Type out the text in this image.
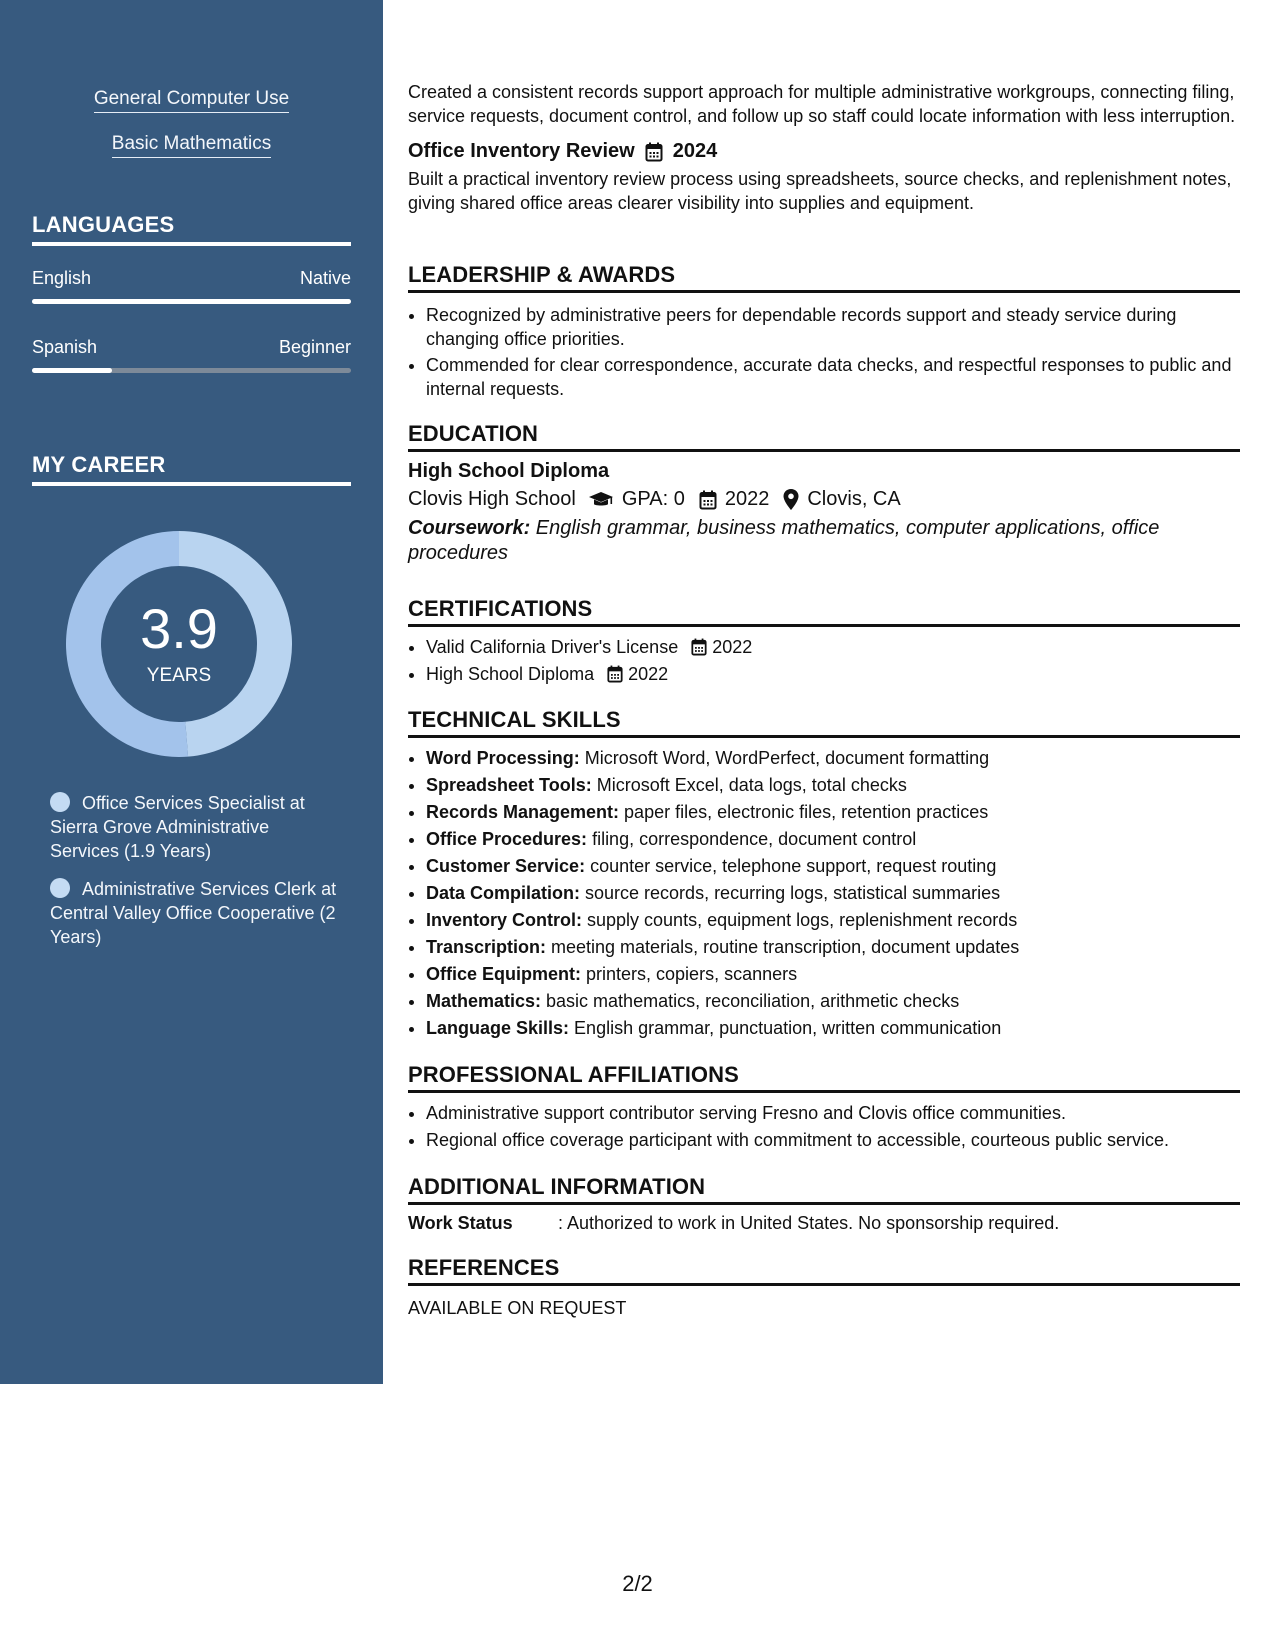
General Computer Use
Basic Mathematics
LANGUAGES
English	Native
Spanish	Beginner
MY CAREER
3.9
YEARS
Office Services Specialist at Sierra Grove Administrative Services (1.9 Years)
Administrative Services Clerk at Central Valley Office Cooperative (2 Years)

Created a consistent records support approach for multiple administrative workgroups, connecting filing, service requests, document control, and follow up so staff could locate information with less interruption.

Office Inventory Review 2024

Built a practical inventory review process using spreadsheets, source checks, and replenishment notes, giving shared office areas clearer visibility into supplies and equipment.

LEADERSHIP & AWARDS
• Recognized by administrative peers for dependable records support and steady service during changing office priorities.
• Commended for clear correspondence, accurate data checks, and respectful responses to public and internal requests.
EDUCATION
High School Diploma
Clovis High School GPA: 0 2022 Clovis, CA
Coursework: English grammar, business mathematics, computer applications, office procedures
CERTIFICATIONS
• Valid California Driver's License 2022
• High School Diploma 2022
TECHNICAL SKILLS
• Word Processing: Microsoft Word, WordPerfect, document formatting
• Spreadsheet Tools: Microsoft Excel, data logs, total checks
• Records Management: paper files, electronic files, retention practices
• Office Procedures: filing, correspondence, document control
• Customer Service: counter service, telephone support, request routing
• Data Compilation: source records, recurring logs, statistical summaries
• Inventory Control: supply counts, equipment logs, replenishment records
• Transcription: meeting materials, routine transcription, document updates
• Office Equipment: printers, copiers, scanners
• Mathematics: basic mathematics, reconciliation, arithmetic checks
• Language Skills: English grammar, punctuation, written communication
PROFESSIONAL AFFILIATIONS
• Administrative support contributor serving Fresno and Clovis office communities.
• Regional office coverage participant with commitment to accessible, courteous public service.
ADDITIONAL INFORMATION
Work Status	: Authorized to work in United States. No sponsorship required.
REFERENCES
AVAILABLE ON REQUEST
2/2
